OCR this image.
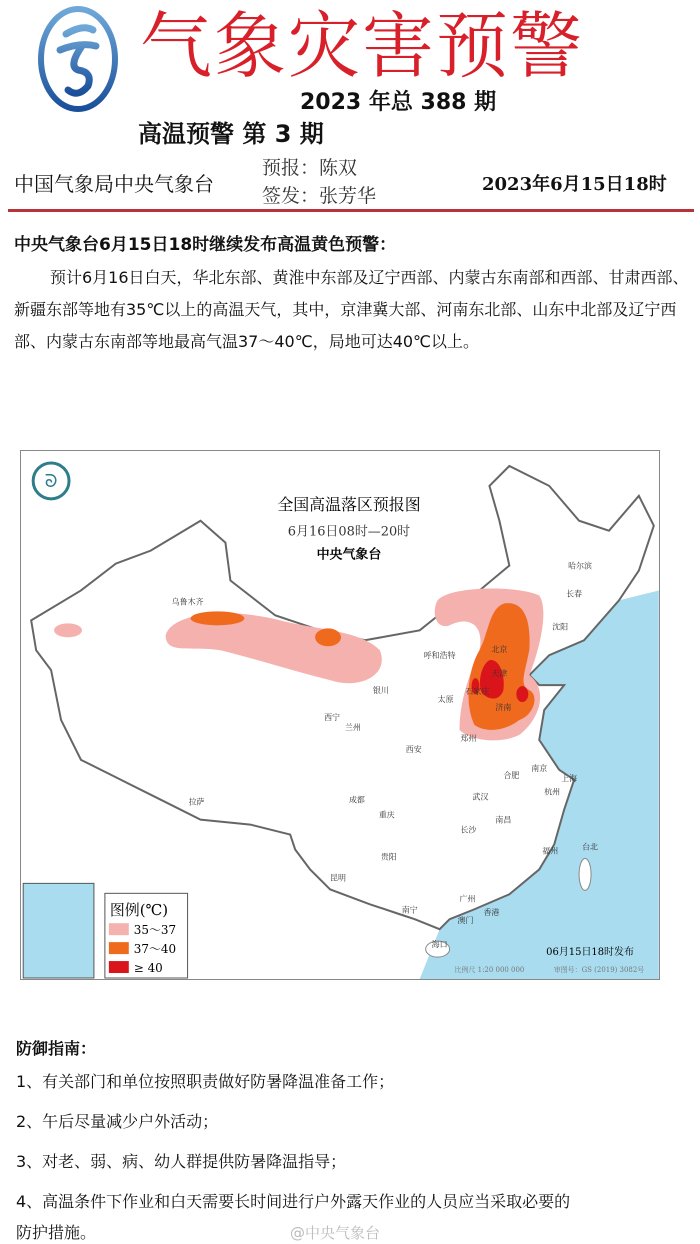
气象灾害预警
2023 年总 388 期
高温预警 第 3 期
中国气象局中央气象台
预报：陈双
签发：张芳华
2023年6月15日18时
中央气象台6月15日18时继续发布高温黄色预警：
预计6月16日白天，华北东部、黄淮中东部及辽宁西部、内蒙古东南部和西部、甘肃西部、新疆东部等地有35℃以上的高温天气，其中，京津冀大部、河南东北部、山东中北部及辽宁西部、内蒙古东南部等地最高气温37～40℃，局地可达40℃以上。
ᘐ
全国高温落区预报图
6月16日08时—20时
中央气象台
乌鲁木齐
哈尔滨
长春
沈阳
呼和浩特
北京
天津
太原
石家庄
济南
银川
西宁
兰州
郑州
西安
南京
合肥	上海
杭州
武汉
拉萨	成都
重庆
长沙
南昌
福州	台北
贵阳
昆明
南宁
广州
香港
澳门
海口
图例(℃)
35～37
37～40
≥ 40
06月15日18时发布
比例尺 1:20 000 000	审图号：GS (2019) 3082号
防御指南：
1、有关部门和单位按照职责做好防暑降温准备工作；
2、午后尽量减少户外活动；
3、对老、弱、病、幼人群提供防暑降温指导；
4、高温条件下作业和白天需要长时间进行户外露天作业的人员应当采取必要的
防护措施。	@中央气象台
